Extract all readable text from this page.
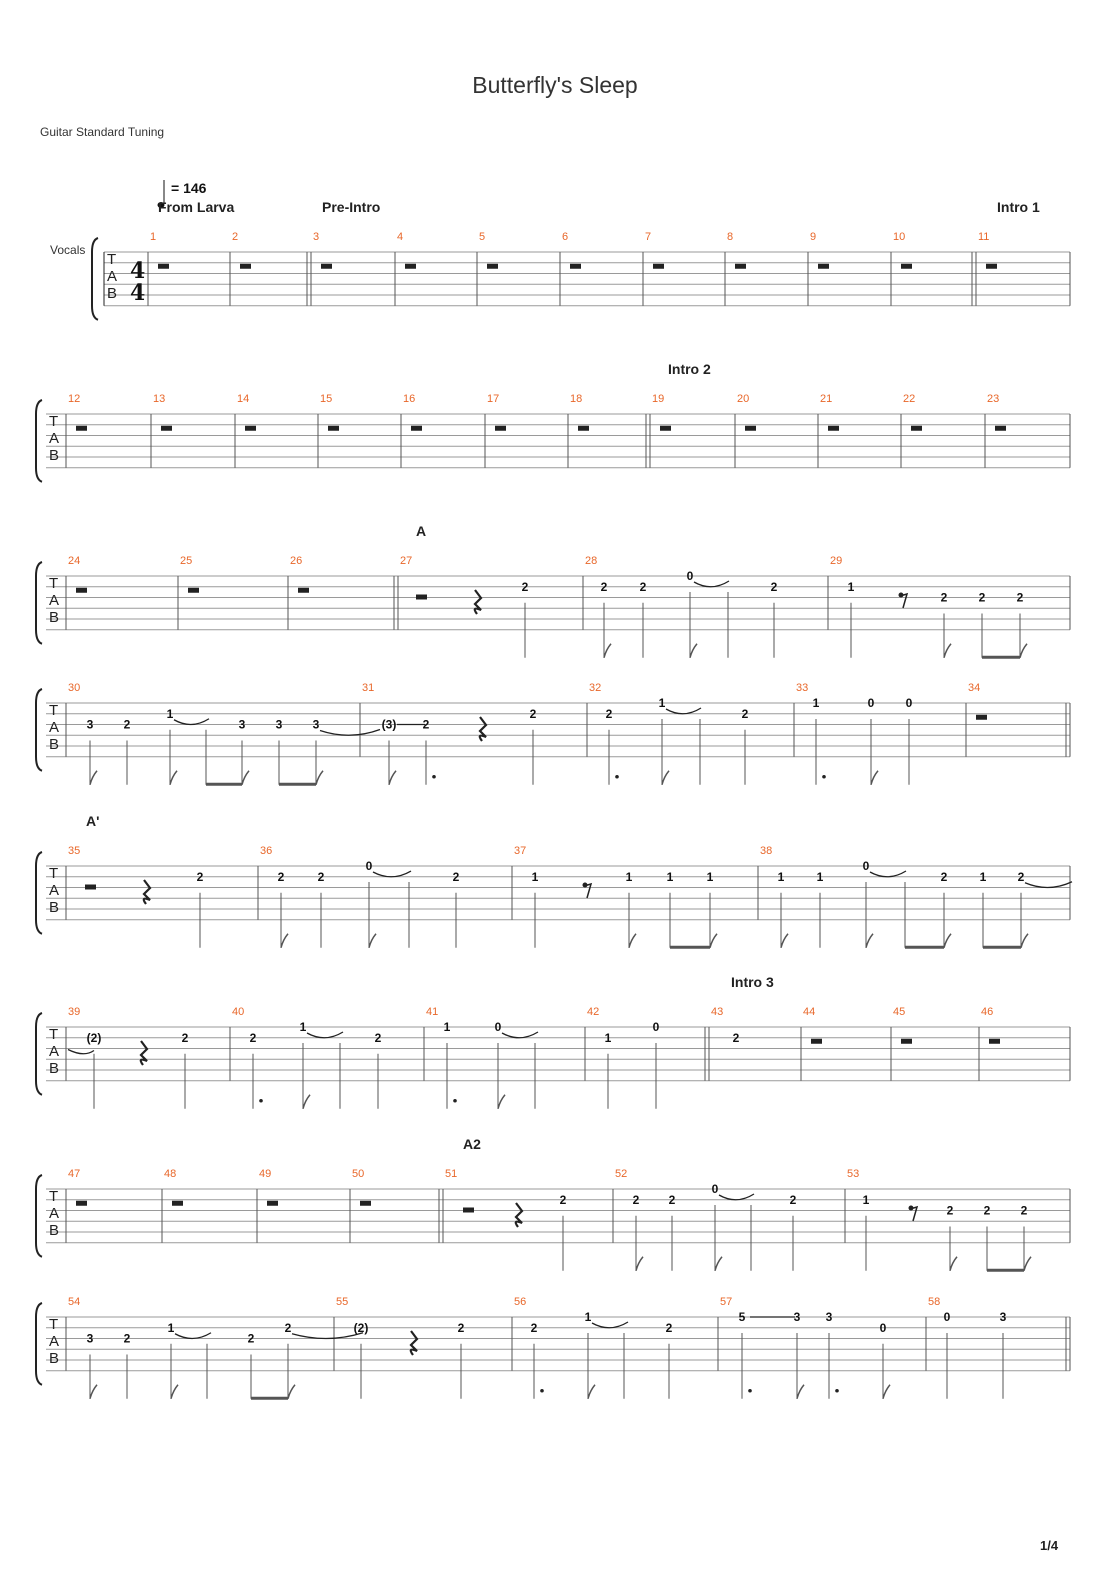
Butterfly's Sleep
Guitar Standard Tuning
1/4
Vocals
T
A
B
4
4
= 146
From Larva	Pre-Intro	Intro 1
1	2	3	4	5	6	7	8	9	10	11
T
A
B
Intro 2
12	13	14	15	16	17	18	19	20	21	22	23
T
A
B
A
24	25	26	27
2
28
2	2
0
2
29
1
2	2	2
T
A
B
30
3	2
1
3	3	3
31
(3) 2
2
32
2
1
2
33
1	0	0
34
T
A
B
A'
35
2
36
2	2
0
2
37
1	1	1	1
38
1	1
0
2	1	2
T
A
B
Intro 3
39
(2)	2
40
2
1
2
41
1	0
42
1
0
43
2
44	45	46
T
A
B
A2
47	48	49	50	51
2
52
2 2
0
2
53
1
2	2	2
T
A
B
54
3	2
1
2
2
55
(2)	2
56
2
1
2
57
5	3 3
0
58
0	3
